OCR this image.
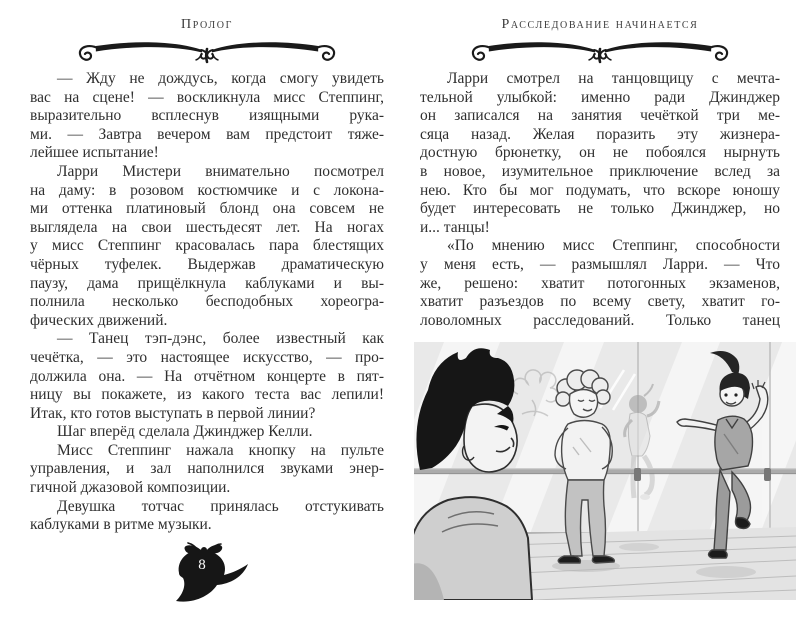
Пролог
— Жду не дождусь, когда смогу увидеть
вас на сцене! — воскликнула мисс Степпинг,
выразительно всплеснув изящными рука-
ми. — Завтра вечером вам предстоит тяже-
лейшее испытание!
Ларри Мистери внимательно посмотрел
на даму: в розовом костюмчике и с локона-
ми оттенка платиновый блонд она совсем не
выглядела на свои шестьдесят лет. На ногах
у мисс Степпинг красовалась пара блестящих
чёрных туфелек. Выдержав драматическую
паузу, дама прищёлкнула каблуками и вы-
полнила несколько бесподобных хореогра-
фических движений.
— Танец тэп-дэнс, более известный как
чечётка, — это настоящее искусство, — про-
должила она. — На отчётном концерте в пят-
ницу вы покажете, из какого теста вас лепили!
Итак, кто готов выступать в первой линии?
Шаг вперёд сделала Джинджер Келли.
Мисс Степпинг нажала кнопку на пульте
управления, и зал наполнился звуками энер-
гичной джазовой композиции.
Девушка тотчас принялась отстукивать
каблуками в ритме музыки.
8
Расследование начинается
Ларри смотрел на танцовщицу с мечта-
тельной улыбкой: именно ради Джинджер
он записался на занятия чечёткой три ме-
сяца назад. Желая поразить эту жизнера-
достную брюнетку, он не побоялся нырнуть
в новое, изумительное приключение вслед за
нею. Кто бы мог подумать, что вскоре юношу
будет интересовать не только Джинджер, но
и... танцы!
«По мнению мисс Степпинг, способности
у меня есть, — размышлял Ларри. — Что
же, решено: хватит потогонных экзаменов,
хватит разъездов по всему свету, хватит го-
ловоломных расследований. Только танец
